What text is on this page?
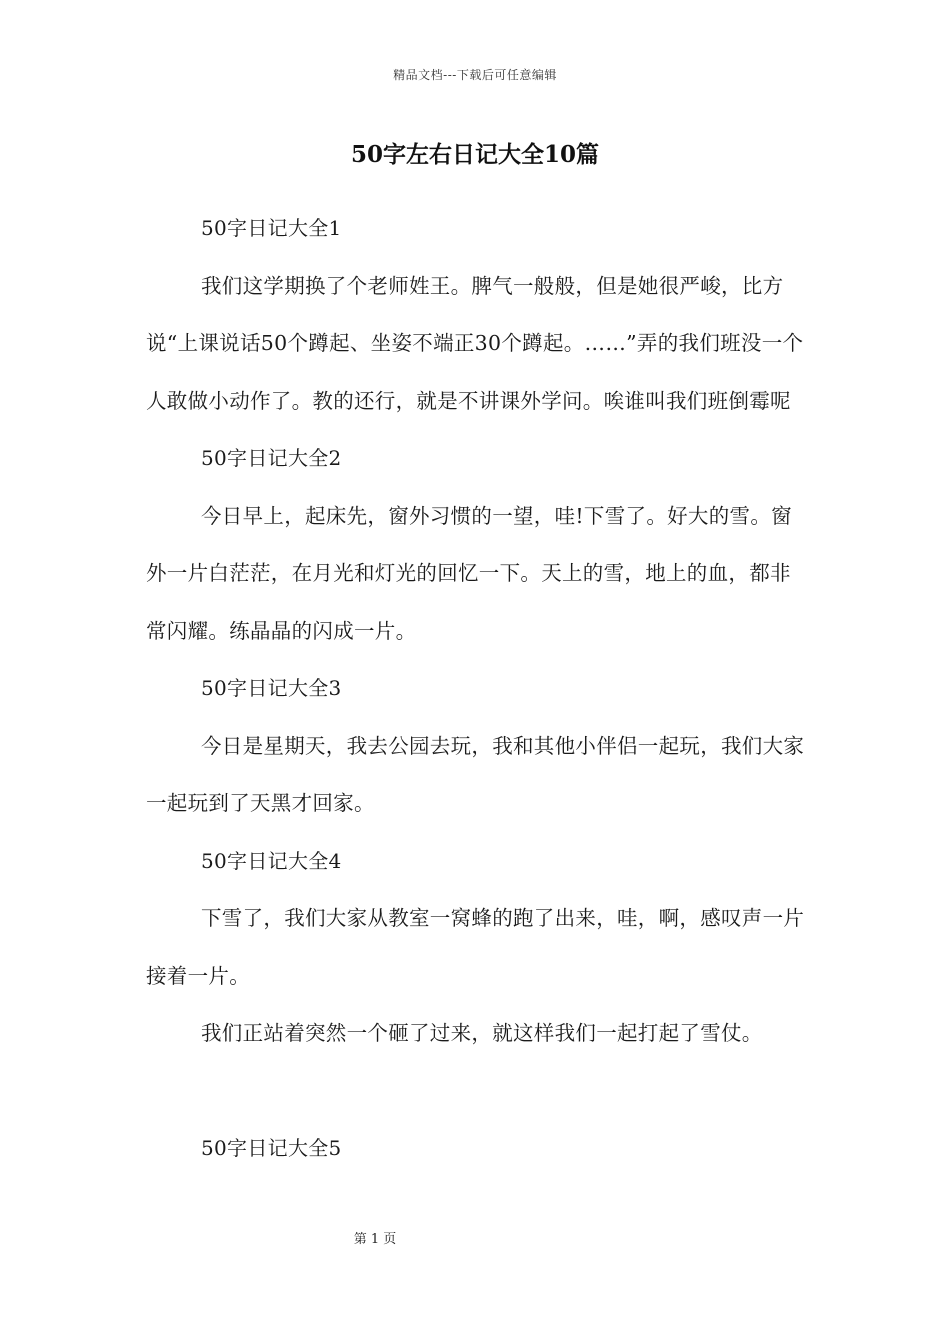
精品文档---下载后可任意编辑
50字左右日记大全10篇

50字日记大全1

我们这学期换了个老师姓王。脾气一般般，但是她很严峻，比方说“上课说话50个蹲起、坐姿不端正30个蹲起。……”弄的我们班没一个人敢做小动作了。教的还行，就是不讲课外学问。唉谁叫我们班倒霉呢

50字日记大全2

今日早上，起床先，窗外习惯的一望，哇!下雪了。好大的雪。窗外一片白茫茫，在月光和灯光的回忆一下。天上的雪，地上的血，都非常闪耀。练晶晶的闪成一片。

50字日记大全3

今日是星期天，我去公园去玩，我和其他小伴侣一起玩，我们大家一起玩到了天黑才回家。

50字日记大全4

下雪了，我们大家从教室一窝蜂的跑了出来，哇，啊，感叹声一片接着一片。

我们正站着突然一个砸了过来，就这样我们一起打起了雪仗。

50字日记大全5

第 1 页
